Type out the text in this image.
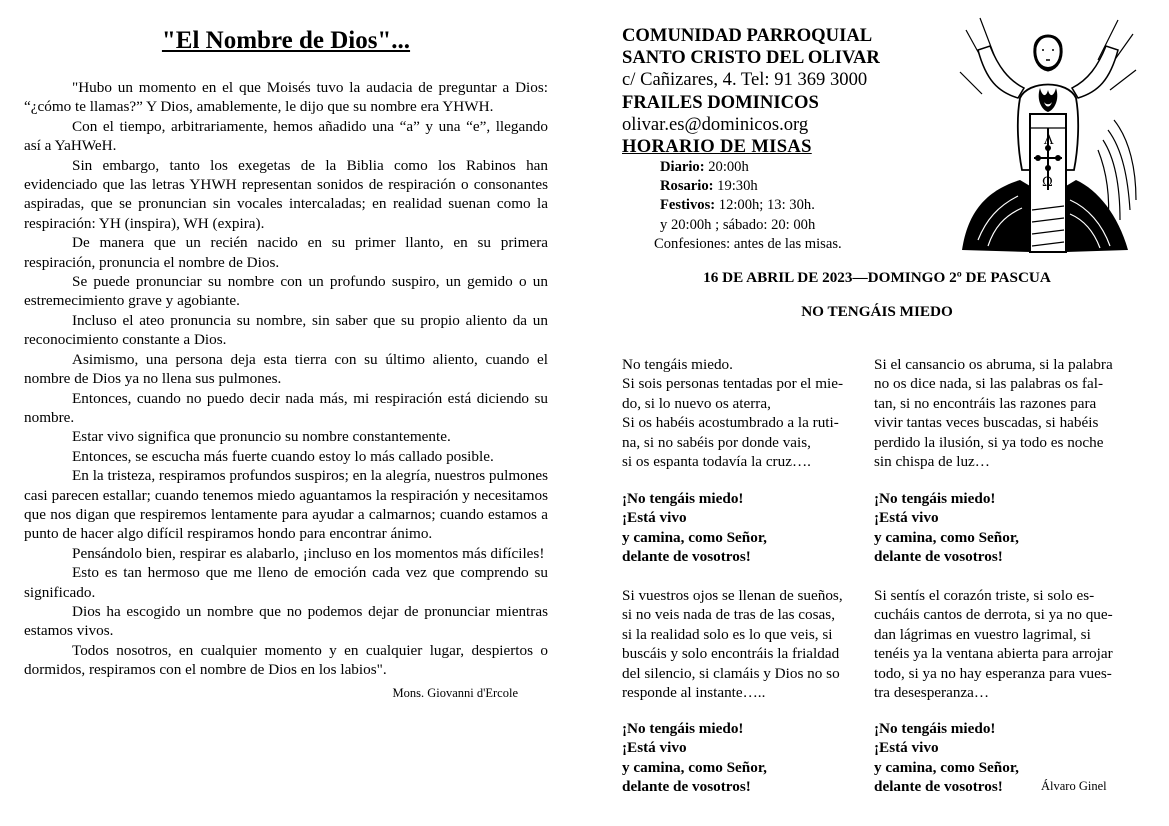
"El Nombre de Dios"...

"Hubo un momento en el que Moisés tuvo la audacia de preguntar a Dios: “¿cómo te llamas?” Y Dios, amablemente, le dijo que su nombre era YHWH.

Con el tiempo, arbitrariamente, hemos añadido una “a” y una “e”, llegando así a YaHWeH.

Sin embargo, tanto los exegetas de la Biblia como los Rabinos han evidenciado que las letras YHWH representan sonidos de respiración o consonantes aspiradas, que se pronuncian sin vocales intercaladas; en realidad suenan como la respiración: YH (inspira), WH (expira).

De manera que un recién nacido en su primer llanto, en su primera respiración, pronuncia el nombre de Dios.

Se puede pronunciar su nombre con un profundo suspiro, un gemido o un estremecimiento grave y agobiante.

Incluso el ateo pronuncia su nombre, sin saber que su propio aliento da un reconocimiento constante a Dios.

Asimismo, una persona deja esta tierra con su último aliento, cuando el nombre de Dios ya no llena sus pulmones.

Entonces, cuando no puedo decir nada más, mi respiración está diciendo su nombre.

Estar vivo significa que pronuncio su nombre constantemente.

Entonces, se escucha más fuerte cuando estoy lo más callado posible.

En la tristeza, respiramos profundos suspiros; en la alegría, nuestros pulmones casi parecen estallar; cuando tenemos miedo aguantamos la respiración y necesitamos que nos digan que respiremos lentamente para ayudar a calmarnos; cuando estamos a punto de hacer algo difícil respiramos hondo para encontrar ánimo.

Pensándolo bien, respirar es alabarlo, ¡incluso en los momentos más difíciles!

Esto es tan hermoso que me lleno de emoción cada vez que comprendo su significado.

Dios ha escogido un nombre que no podemos dejar de pronunciar mientras estamos vivos.

Todos nosotros, en cualquier momento y en cualquier lugar, despiertos o dormidos, respiramos con el nombre de Dios en los labios".

Mons. Giovanni d'Ercole
COMUNIDAD PARROQUIAL
SANTO CRISTO DEL OLIVAR
c/ Cañizares, 4. Tel: 91 369 3000
FRAILES DOMINICOS
olivar.es@dominicos.org
HORARIO DE MISAS
Diario: 20:00h
Rosario: 19:30h
Festivos: 12:00h; 13: 30h.
y 20:00h ; sábado: 20: 00h
Confesiones: antes de las misas.
Λ
Ω
16 DE ABRIL DE 2023—DOMINGO 2º DE PASCUA
NO TENGÁIS MIEDO
No tengáis miedo.
Si sois personas tentadas por el mie-
do, si lo nuevo os aterra,
Si os habéis acostumbrado a la ruti-
na, si no sabéis por donde vais,
si os espanta todavía la cruz….
Si el cansancio os abruma, si la palabra
no os dice nada, si las palabras os fal-
tan, si no encontráis las razones para
vivir tantas veces buscadas, si habéis
perdido la ilusión, si ya todo es noche
sin chispa de luz…
¡No tengáis miedo!
¡Está vivo
y camina, como Señor,
delante de vosotros!
¡No tengáis miedo!
¡Está vivo
y camina, como Señor,
delante de vosotros!
Si vuestros ojos se llenan de sueños,
si no veis nada de tras de las cosas,
si la realidad solo es lo que veis, si
buscáis y solo encontráis la frialdad
del silencio, si clamáis y Dios no so
responde al instante…..
Si sentís el corazón triste, si solo es-
cucháis cantos de derrota, si ya no que-
dan lágrimas en vuestro lagrimal, si
tenéis ya la ventana abierta para arrojar
todo, si ya no hay esperanza para vues-
tra desesperanza…
¡No tengáis miedo!
¡Está vivo
y camina, como Señor,
delante de vosotros!
¡No tengáis miedo!
¡Está vivo
y camina, como Señor,
delante de vosotros!	Álvaro Ginel
